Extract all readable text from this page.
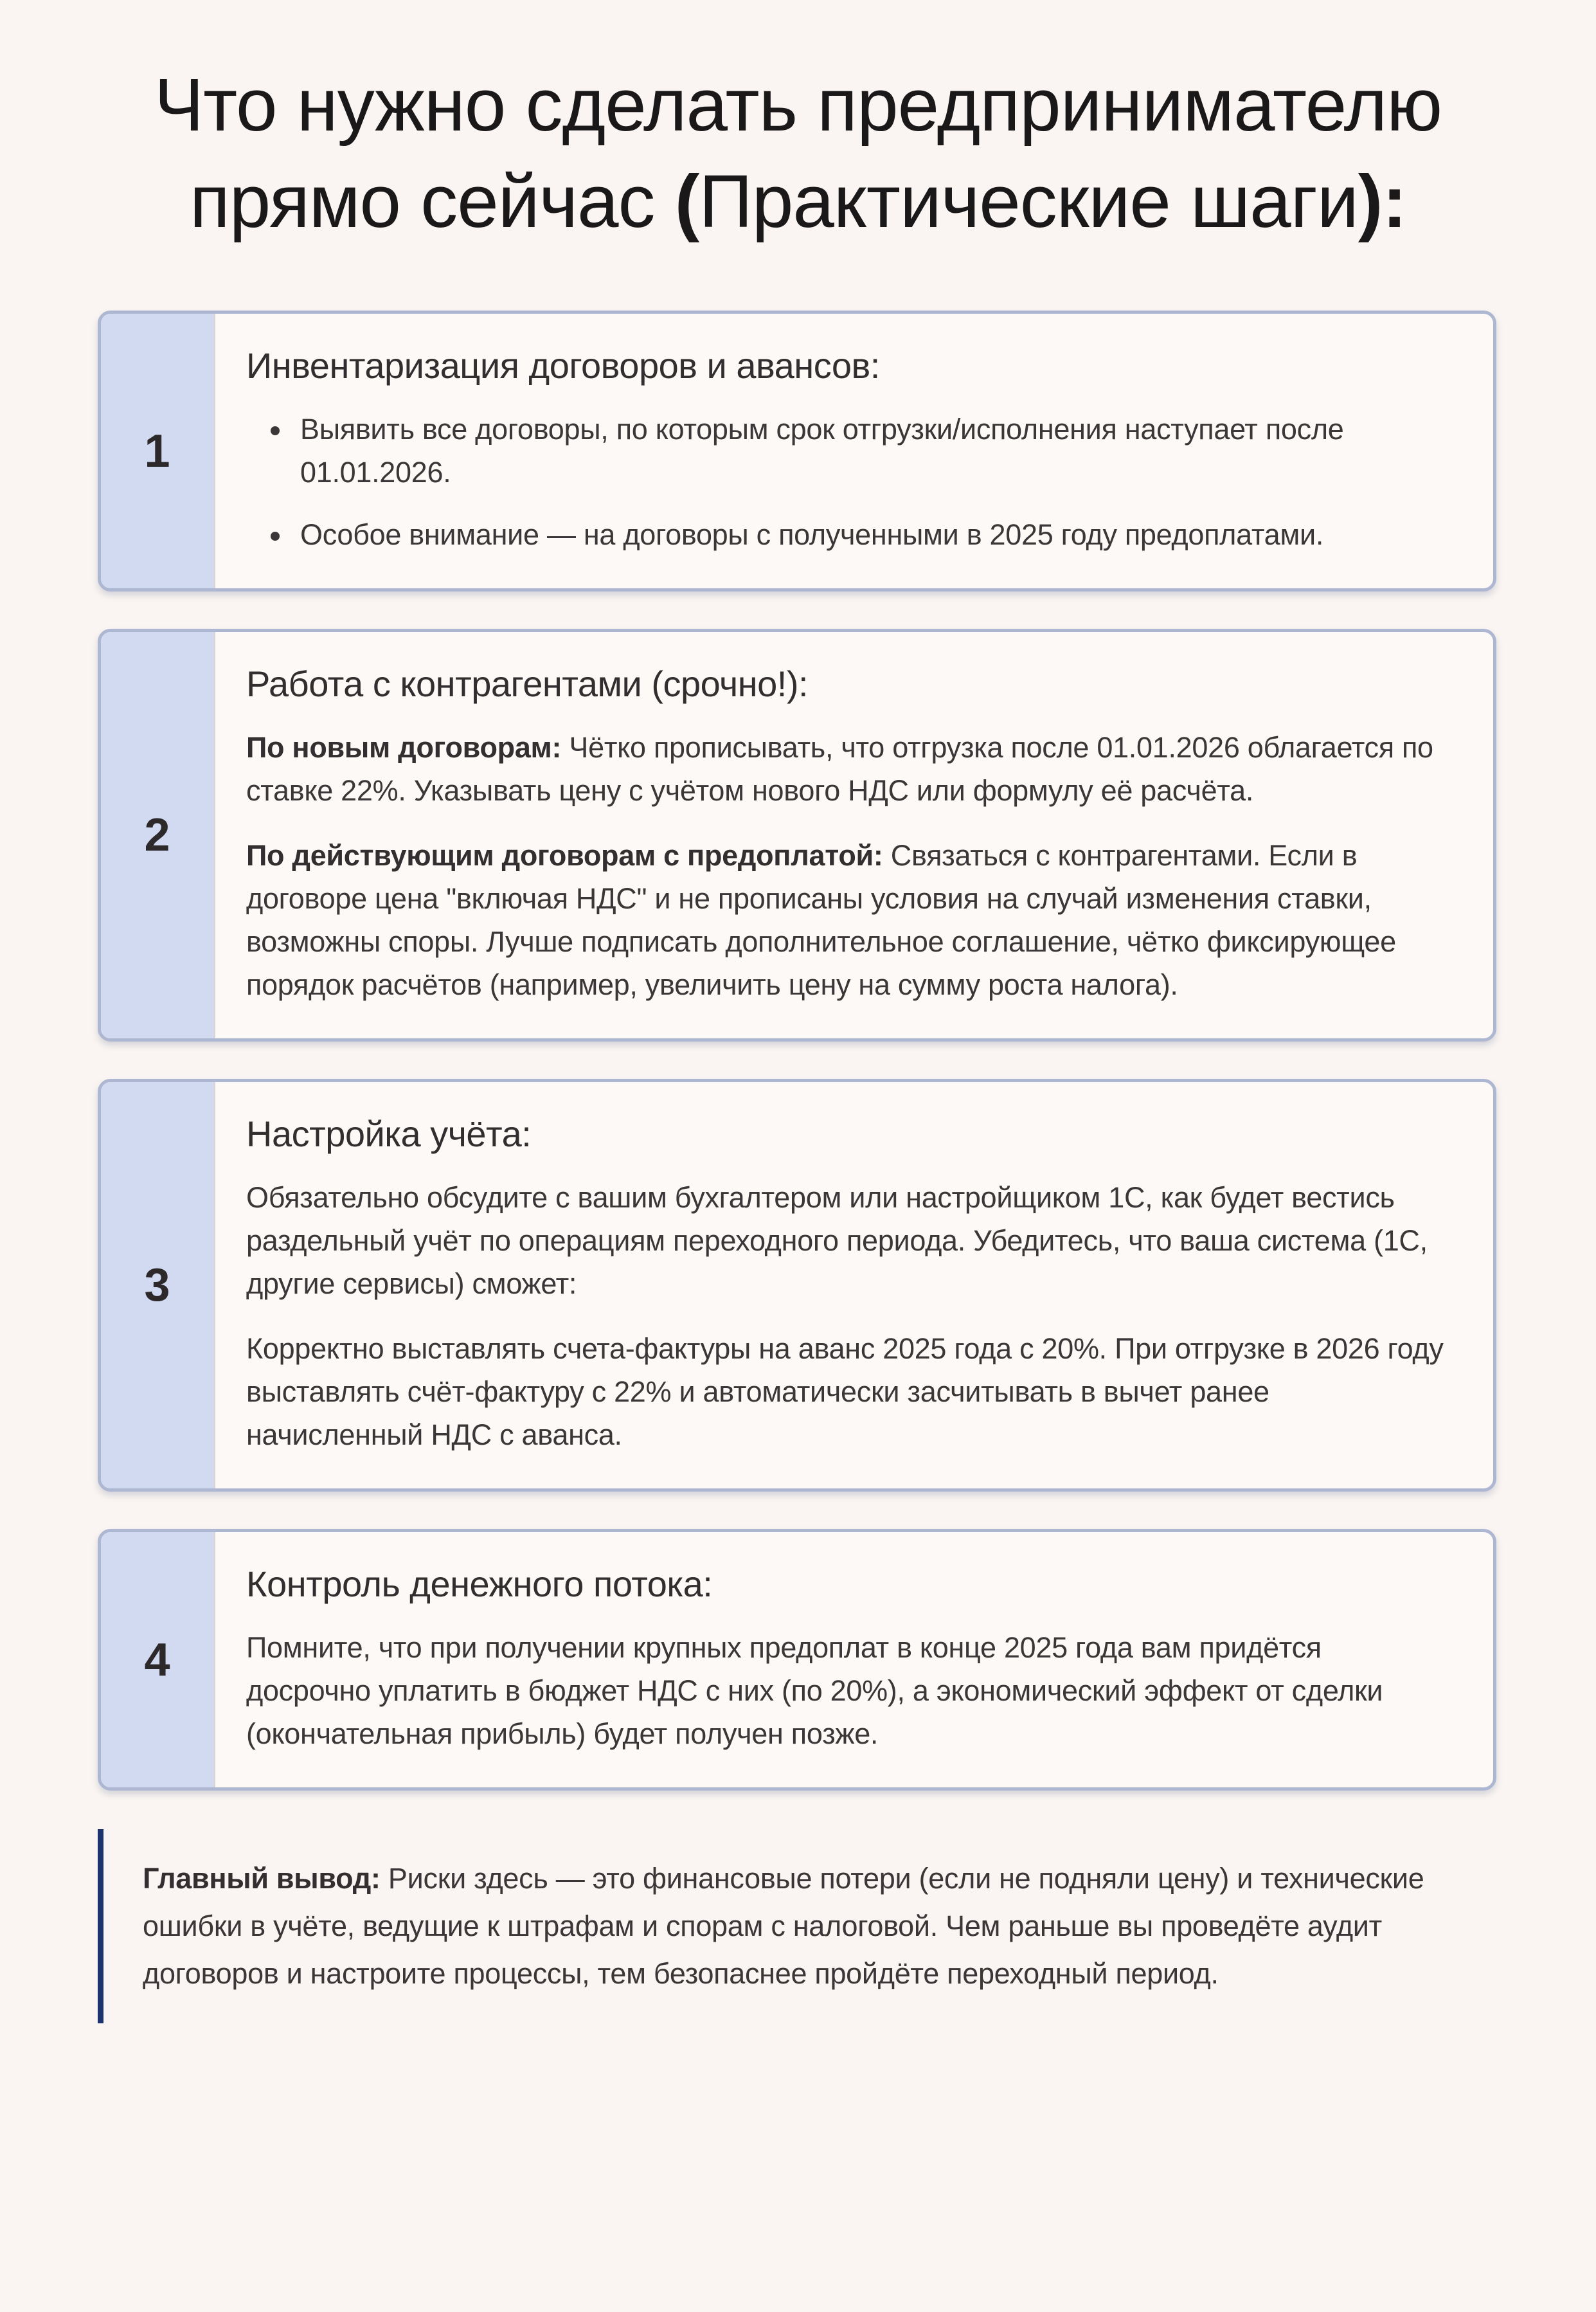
Что нужно сделать предпринимателю
прямо сейчас (Практические шаги):
1
Инвентаризация договоров и авансов:
• Выявить все договоры, по которым срок отгрузки/исполнения наступает после 01.01.2026.
• Особое внимание — на договоры с полученными в 2025 году предоплатами.
2
Работа с контрагентами (срочно!):

По новым договорам: Чётко прописывать, что отгрузка после 01.01.2026 облагается по ставке 22%. Указывать цену с учётом нового НДС или формулу её расчёта.

По действующим договорам с предоплатой: Связаться с контрагентами. Если в договоре цена "включая НДС" и не прописаны условия на случай изменения ставки, возможны споры. Лучше подписать дополнительное соглашение, чётко фиксирующее порядок расчётов (например, увеличить цену на сумму роста налога).

3
Настройка учёта:

Обязательно обсудите с вашим бухгалтером или настройщиком 1С, как будет вестись раздельный учёт по операциям переходного периода. Убедитесь, что ваша система (1С, другие сервисы) сможет:

Корректно выставлять счета-фактуры на аванс 2025 года с 20%. При отгрузке в 2026 году выставлять счёт-фактуру с 22% и автоматически засчитывать в вычет ранее начисленный НДС с аванса.

4
Контроль денежного потока:

Помните, что при получении крупных предоплат в конце 2025 года вам придётся досрочно уплатить в бюджет НДС с них (по 20%), а экономический эффект от сделки (окончательная прибыль) будет получен позже.

Главный вывод: Риски здесь — это финансовые потери (если не подняли цену) и технические ошибки в учёте, ведущие к штрафам и спорам с налоговой. Чем раньше вы проведёте аудит договоров и настроите процессы, тем безопаснее пройдёте переходный период.
